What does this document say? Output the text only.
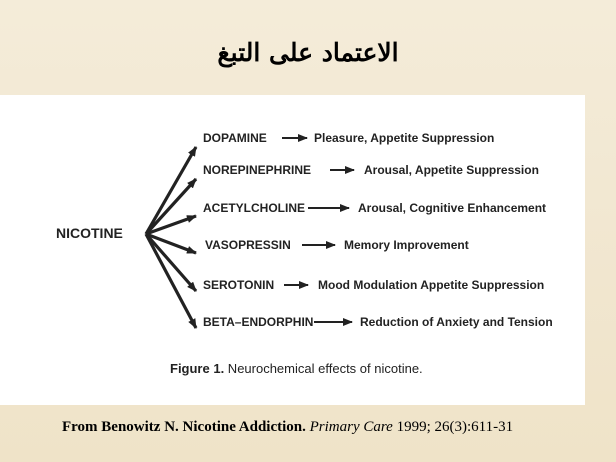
الاعتماد على التبغ
NICOTINE
DOPAMINE	Pleasure, Appetite Suppression
NOREPINEPHRINE	Arousal, Appetite Suppression
ACETYLCHOLINE	Arousal, Cognitive Enhancement
VASOPRESSIN	Memory Improvement
SEROTONIN	Mood Modulation Appetite Suppression
BETA–ENDORPHIN	Reduction of Anxiety and Tension
Figure 1. Neurochemical effects of nicotine.
From Benowitz N. Nicotine Addiction. Primary Care 1999; 26(3):611-31
